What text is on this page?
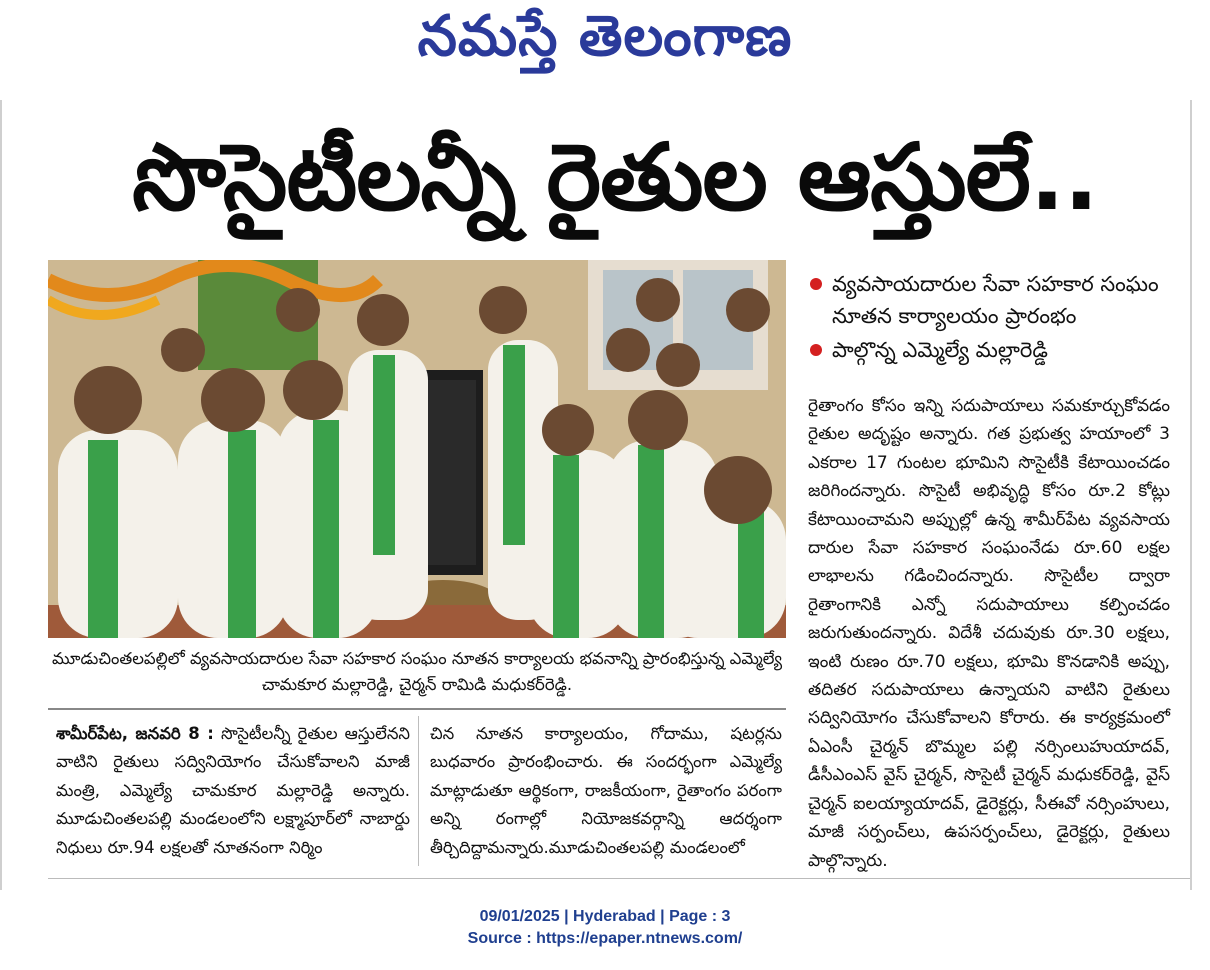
నమస్తే తెలంగాణ
సొసైటీలన్నీ రైతుల ఆస్తులే..
వ్యవసాయదారుల సేవా సహకార సంఘం నూతన కార్యాలయం ప్రారంభం
పాల్గొన్న ఎమ్మెల్యే మల్లారెడ్డి
రైతాంగం కోసం ఇన్ని సదుపాయాలు సమకూర్చుకోవడం రైతుల అదృష్టం అన్నారు. గత ప్రభుత్వ హయాంలో 3 ఎకరాల 17 గుంటల భూమిని సొసైటీకి కేటాయించడం జరిగిందన్నారు. సొసైటీ అభివృద్ధి కోసం రూ.2 కోట్లు కేటాయించామని అప్పుల్లో ఉన్న శామీర్‌పేట వ్యవసాయ దారుల సేవా సహకార సంఘంనేడు రూ.60 లక్షల లాభాలను గడించిందన్నారు. సొసైటీల ద్వారా రైతాంగానికి ఎన్నో సదుపాయాలు కల్పించడం జరుగుతుందన్నారు. విదేశీ చదువుకు రూ.30 లక్షలు, ఇంటి రుణం రూ.70 లక్షలు, భూమి కొనడానికి అప్పు, తదితర సదుపాయాలు ఉన్నాయని వాటిని రైతులు సద్వినియోగం చేసుకోవాలని కోరారు. ఈ కార్యక్రమంలో ఏఎంసీ చైర్మన్ బొమ్మల పల్లి నర్సింలుహుయాదవ్, డీసీఎంఎస్ వైస్ చైర్మన్, సొసైటీ చైర్మన్ మధుకర్‌రెడ్డి, వైస్ చైర్మన్ ఐలయ్యాయాదవ్, డైరెక్టర్లు, సీఈవో నర్సింహులు, మాజీ సర్పంచ్‌లు, ఉపసర్పంచ్‌లు, డైరెక్టర్లు, రైతులు పాల్గొన్నారు.
మూడుచింతలపల్లిలో వ్యవసాయదారుల సేవా సహకార సంఘం నూతన కార్యాలయ భవనాన్ని ప్రారంభిస్తున్న ఎమ్మెల్యే చామకూర మల్లారెడ్డి, చైర్మన్ రామిడి మధుకర్‌రెడ్డి.
శామీర్‌పేట, జనవరి 8 : సొసైటీలన్నీ రైతుల ఆస్తులేనని వాటిని రైతులు సద్వినియోగం చేసుకోవాలని మాజీ మంత్రి, ఎమ్మెల్యే చామకూర మల్లారెడ్డి అన్నారు. మూడుచింతలపల్లి మండలంలోని లక్ష్మాపూర్‌లో నాబార్డు నిధులు రూ.94 లక్షలతో నూతనంగా నిర్మిం
చిన నూతన కార్యాలయం, గోదాము, షటర్లను బుధవారం ప్రారంభించారు. ఈ సందర్భంగా ఎమ్మెల్యే మాట్లాడుతూ ఆర్థికంగా, రాజకీయంగా, రైతాంగం పరంగా అన్ని రంగాల్లో నియోజకవర్గాన్ని ఆదర్శంగా తీర్చిదిద్దామన్నారు.మూడుచింతలపల్లి మండలంలో
09/01/2025 | Hyderabad | Page : 3
Source : https://epaper.ntnews.com/
